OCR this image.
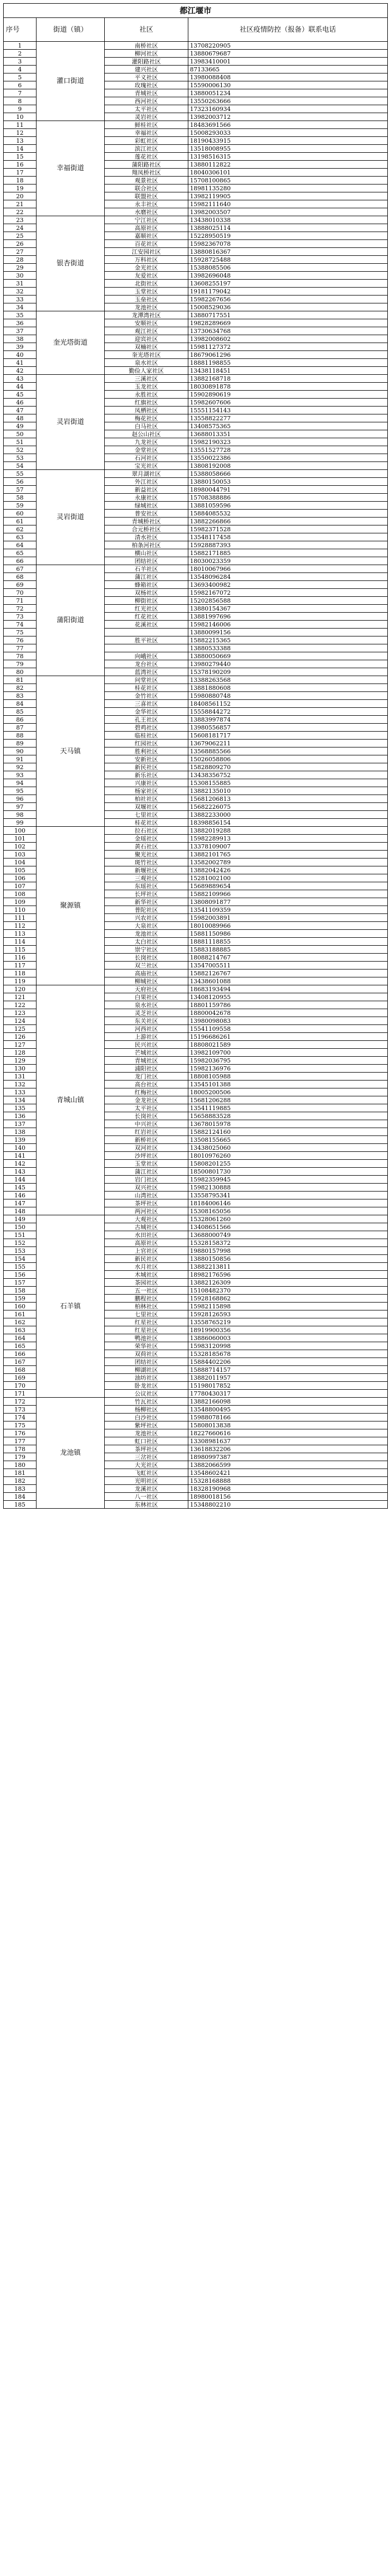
都江堰市
序号	街道（镇）	社区	社区疫情防控（报备）联系电话
1	灌口街道	南桥社区	13708220905
2		柳河社区	13880679687
3		灌阳路社区	13983410001
4		建兴社区	87133665
5		平义社区	13980088408
6		玫瑰社区	15590006130
7		青城社区	13880051234
8		西河社区	13550263666
9		太平社区	17323160934
10		灵岩社区	13982003712
11	幸福街道	鲜桂社区	18483691566
12		幸福社区	15008293033
13		彩虹社区	18190433915
14		滨江社区	13518008955
15		莲花社区	13198516315
16		蒲阳路社区	13880112822
17		翔凤桥社区	18040306101
18		观景社区	15708100865
19		联合社区	18981135280
20		联盟社区	13982119905
21		永丰社区	15982111640
22		水磨社区	13982003507
23	银杏街道	宁江社区	13438010338
24		高原社区	13888025114
25		嘉顺社区	15228950519
26		百花社区	15982367078
27		江安园社区	13880816367
28		万科社区	15928725488
29		金光社区	15388085506
30		友爱社区	13982696048
31		北街社区	13608255197
32		玉堂社区	19181179042
33		玉垒社区	15982267656
34		龙池社区	15008529036
35	奎光塔街道	龙潭湾社区	13880717551
36		安顺社区	19828289669
37		观江社区	13730634768
38		迎宾社区	13982008602
39		双楠社区	15981127372
40		奎光塔社区	18679061296
41		泉水社区	18881198855
42		勤俭人家社区	13438118451
43	灵岩街道	三溪社区	13882168718
44		玉龙社区	18030891878
45		永胜社区	15902890619
46		红旗社区	15982607606
47		凤栖社区	15551154143
48		梅花社区	13558822277
49		白马社区	13408575365
50		赵公山社区	13688013351
51		九龙社区	15982190323
52		金堂社区	13551527728
53		石河社区	13550022386
54		宝光社区	13808192008
55	灵岩街道	翠月湖社区	15388058666
56		外江社区	13880150053
57		新益社区	18980044791
58		永康社区	15708388886
59		绿城社区	13881059596
60		普安社区	15884085532
61		青城桥社区	13882266866
62		合元桥社区	15982371528
63		清水社区	13548117458
64		柏条河社区	15928887393
65		横山社区	15882171885
66		团结社区	18030023359
67	蒲阳街道	石羊社区	18010067966
68		蒲江社区	13548096284
69		蜂箱社区	13693400982
70		双杨社区	15982167072
71		柳街社区	15202856588
72		红光社区	13880154367
73		红花社区	13881997696
74		花溪社区	15982146006
75			13880099156
76		胜平社区	15882215365
77			13880533388
78		向峨社区	13880050669
79		龙台社区	13980279440
80		蓝湾社区	15378190209
81	天马镇	问堂社区	13388263568
82		桂花社区	13881880608
83		金竹社区	15980880748
84		三喜社区	18408561152
85		金华社区	15558844272
86		孔王社区	13883997874
87		碧鸡社区	13980556857
88		临桂社区	15608181717
89		红园社区	13679062211
90		胜利社区	13568885566
91		安新社区	15026058806
92		新民社区	15828809270
93		新乐社区	13438356752
94		兴康社区	15308155885
95		杨家社区	13882135010
96		柏社社区	15681206813
97		双堰社区	15682226075
98		七里社区	13882233000
99		桂花社区	18398856154
100	聚源镇	拉石社区	13882019288
101		金瑶社区	15982289913
102		黄石社区	13378109007
103		聚光社区	13882101765
104		斑竹社区	13582002789
105		新堰社区	13882042426
106		三观社区	15281002100
107		东瑶社区	15689889654
108		长坪社区	15882109966
109		新华社区	13808091877
110		普陀社区	13541109359
111		兴农社区	15982003891
112		大泉社区	18010089966
113		龙池社区	15881150986
114		太白社区	18881118855
115		崇宁社区	15883188885
116		长岗社区	18088214767
117		双兰社区	13547005511
118		高庙社区	15882126767
119		柳城社区	13438601088
120	青城山镇	天府社区	18683193494
121		白果社区	13408120955
122		泉水社区	18801159786
123		灵芝社区	18800042678
124		东关社区	13980098083
125		河西社区	15541109558
126		上游社区	15196686261
127		民兴社区	18808021589
128		芒城社区	13982109700
129		青城社区	15982036795
130		浦阳社区	15982136976
131		龙门社区	18808105988
132		高台社区	13545101388
133		红梅社区	18005200506
134		金龙社区	15681206288
135		太平社区	13541119885
136		长岗社区	15658883528
137		中兴社区	13678015978
138		红岩社区	15882124160
139		新桥社区	13508155665
140		双河社区	13438025060
141		沙坪社区	18010976260
142		玉堂社区	15808201255
143		蒲江社区	18500801730
144		岩门社区	15982359945
145		双兴社区	15982130888
146		山湾社区	13558795341
147		茶坪社区	18184006146
148		两河社区	15308165056
149	石羊镇	大观社区	15328061260
150		古城社区	13408651566
151		水田社区	13688000749
152		高原社区	15328158372
153		上官社区	19880157998
154		新民社区	13880150856
155		水月社区	13882213811
156		木城社区	18982176596
157		茶园社区	13882126309
158		五一社区	15108482370
159		鹏程社区	15928168862
160		柏林社区	15982115898
161		七里社区	15928126593
162		红星社区	13558765219
163		红星社区	18919900356
164		鸭池社区	13886060003
165		荣华社区	15983120998
166		双荷社区	15328185678
167		团结社区	15884402206
168		柳湖社区	15888714157
169		油坊社区	13882011957
170		卧龙社区	15198017852
171		公议社区	17780430317
172	龙池镇	竹瓦社区	13882166098
173		杨柳社区	13548800495
174		白沙社区	15988078166
175		紫坪社区	15808013838
176		龙池社区	18227660616
177		虹口社区	13308981637
178		茶坪社区	13618832206
179		三岔社区	18980997387
180		大光社区	13882066599
181		飞虹社区	13548602421
182		光明社区	15328168888
183		龙溪社区	18328190968
184		八一社区	18980018156
185		东林社区	15348802210
